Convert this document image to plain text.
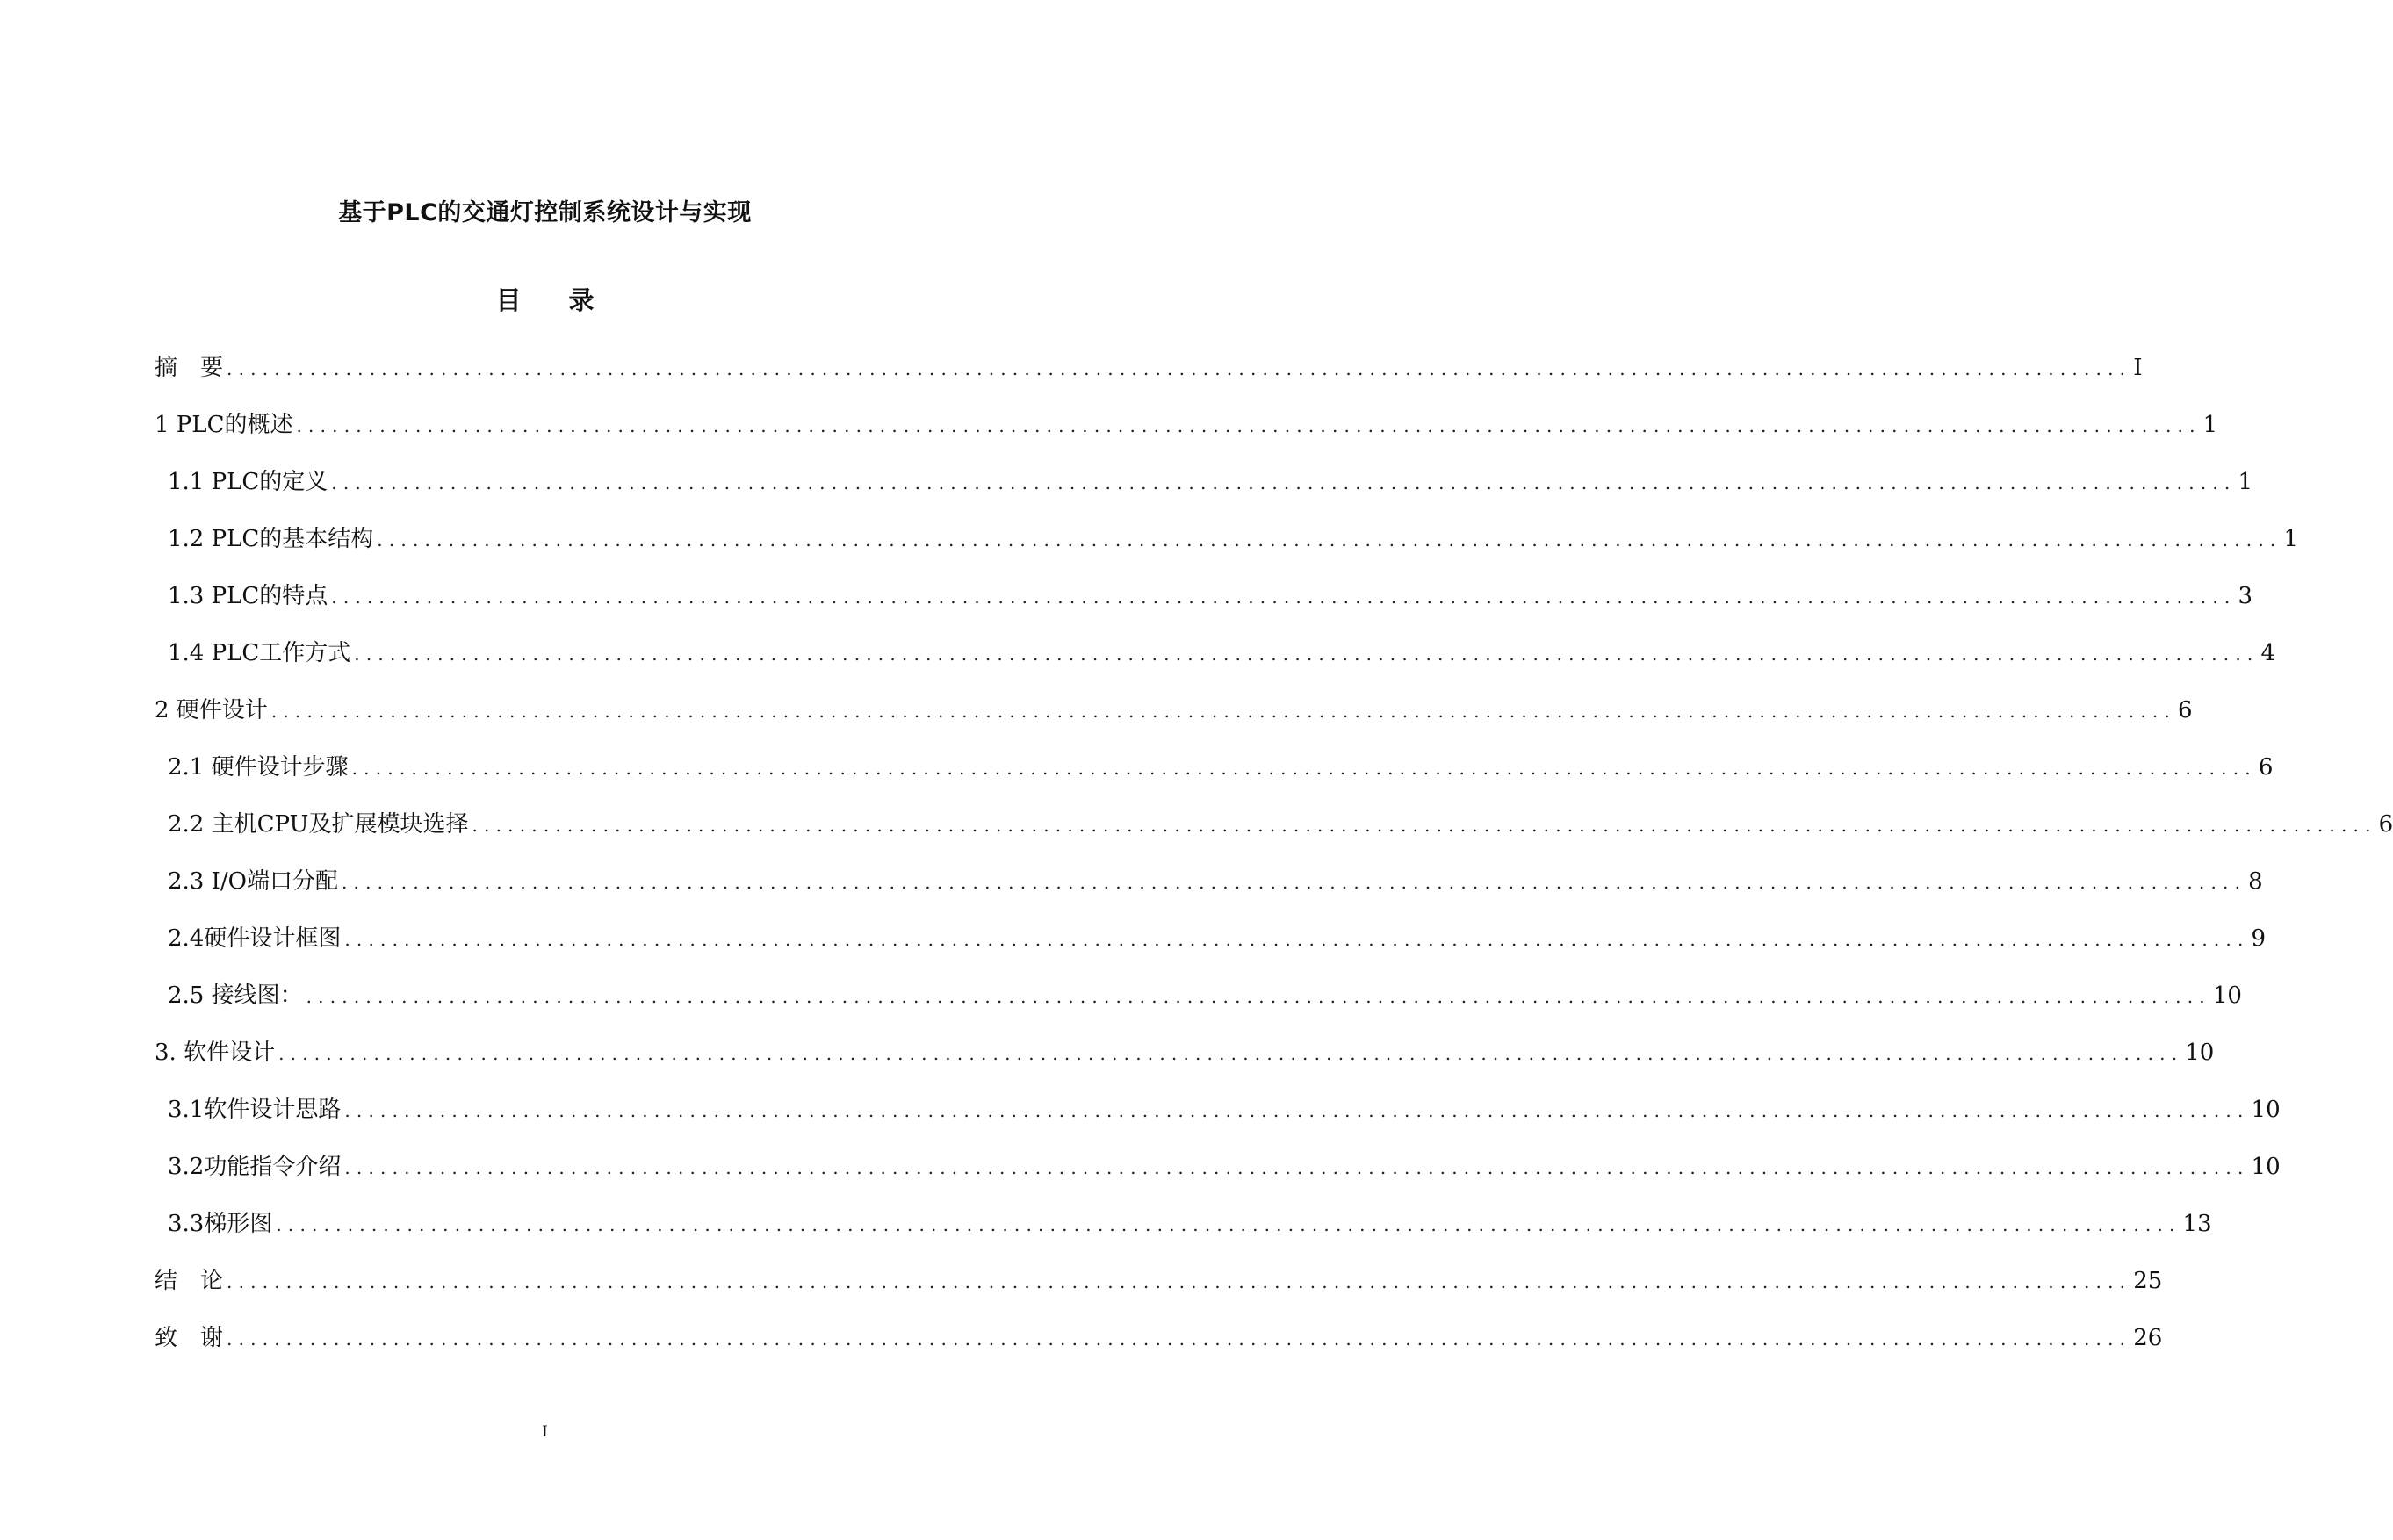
基于PLC的交通灯控制系统设计与实现
目 录
摘　要 ................................................................................................................................................................ I
1 PLC的概述 ................................................................................................................................................................ 1
1.1 PLC的定义 ................................................................................................................................................................ 1
1.2 PLC的基本结构 ................................................................................................................................................................ 1
1.3 PLC的特点 ................................................................................................................................................................ 3
1.4 PLC工作方式 ................................................................................................................................................................ 4
2 硬件设计 ................................................................................................................................................................ 6
2.1 硬件设计步骤 ................................................................................................................................................................ 6
2.2 主机CPU及扩展模块选择 ................................................................................................................................................................ 6
2.3 I/O端口分配 ................................................................................................................................................................ 8
2.4硬件设计框图 ................................................................................................................................................................ 9
2.5 接线图： ................................................................................................................................................................ 10
3. 软件设计 ................................................................................................................................................................ 10
3.1软件设计思路 ................................................................................................................................................................ 10
3.2功能指令介绍 ................................................................................................................................................................ 10
3.3梯形图 ................................................................................................................................................................ 13
结　论 ................................................................................................................................................................ 25
致　谢 ................................................................................................................................................................ 26
I
